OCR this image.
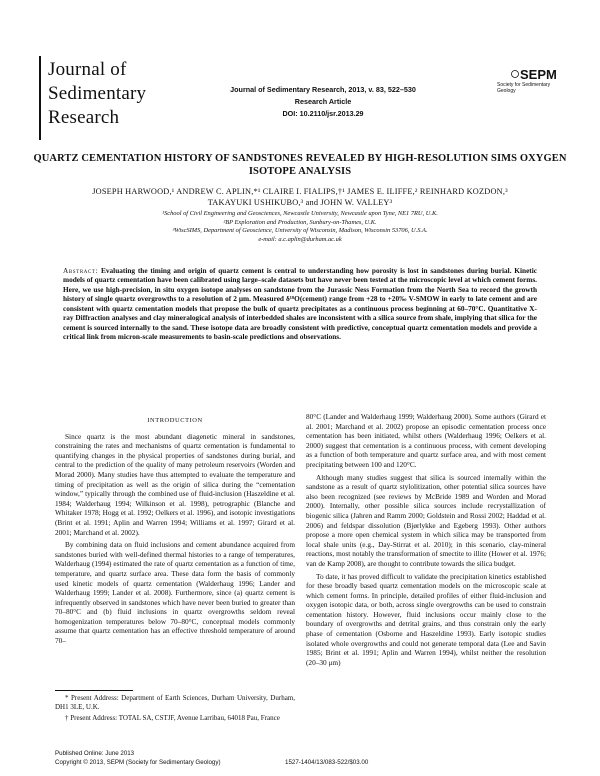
Journal of
Sedimentary
Research
Journal of Sedimentary Research, 2013, v. 83, 522–530
Research Article
DOI: 10.2110/jsr.2013.29
SEPM
Society for Sedimentary Geology
QUARTZ CEMENTATION HISTORY OF SANDSTONES REVEALED BY HIGH-RESOLUTION SIMS OXYGEN ISOTOPE ANALYSIS
JOSEPH HARWOOD,¹ ANDREW C. APLIN,*¹ CLAIRE I. FIALIPS,†¹ JAMES E. ILIFFE,² REINHARD KOZDON,³
TAKAYUKI USHIKUBO,³ and JOHN W. VALLEY³
¹School of Civil Engineering and Geosciences, Newcastle University, Newcastle upon Tyne, NE1 7RU, U.K.
²BP Exploration and Production, Sunbury-on-Thames, U.K.
³WiscSIMS, Department of Geoscience, University of Wisconsin, Madison, Wisconsin 53706, U.S.A.
e-mail: a.c.aplin@durham.ac.uk
Abstract: Evaluating the timing and origin of quartz cement is central to understanding how porosity is lost in sandstones during burial. Kinetic models of quartz cementation have been calibrated using large–scale datasets but have never been tested at the microscopic level at which cement forms. Here, we use high-precision, in situ oxygen isotope analyses on sandstone from the Jurassic Ness Formation from the North Sea to record the growth history of single quartz overgrowths to a resolution of 2 μm. Measured δ¹⁸O(cement) range from +28 to +20‰ V-SMOW in early to late cement and are consistent with quartz cementation models that propose the bulk of quartz precipitates as a continuous process beginning at 60–70°C. Quantitative X-ray Diffraction analyses and clay mineralogical analysis of interbedded shales are inconsistent with a silica source from shale, implying that silica for the cement is sourced internally to the sand. These isotope data are broadly consistent with predictive, conceptual quartz cementation models and provide a critical link from micron-scale measurements to basin-scale predictions and observations.

INTRODUCTION

Since quartz is the most abundant diagenetic mineral in sandstones, constraining the rates and mechanisms of quartz cementation is fundamental to quantifying changes in the physical properties of sandstones during burial, and central to the prediction of the quality of many petroleum reservoirs (Worden and Morad 2000). Many studies have thus attempted to evaluate the temperature and timing of precipitation as well as the origin of silica during the “cementation window,” typically through the combined use of fluid-inclusion (Haszeldine et al. 1984; Walderhaug 1994; Wilkinson et al. 1998), petrographic (Blanche and Whitaker 1978; Hogg et al. 1992; Oelkers et al. 1996), and isotopic investigations (Brint et al. 1991; Aplin and Warren 1994; Williams et al. 1997; Girard et al. 2001; Marchand et al. 2002).

By combining data on fluid inclusions and cement abundance acquired from sandstones buried with well-defined thermal histories to a range of temperatures, Walderhaug (1994) estimated the rate of quartz cementation as a function of time, temperature, and quartz surface area. These data form the basis of commonly used kinetic models of quartz cementation (Walderhaug 1996; Lander and Walderhaug 1999; Lander et al. 2008). Furthermore, since (a) quartz cement is infrequently observed in sandstones which have never been buried to greater than 70–80°C and (b) fluid inclusions in quartz overgrowths seldom reveal homogenization temperatures below 70–80°C, conceptual models commonly assume that quartz cementation has an effective threshold temperature of around 70–

80°C (Lander and Walderhaug 1999; Walderhaug 2000). Some authors (Girard et al. 2001; Marchand et al. 2002) propose an episodic cementation process once cementation has been initiated, whilst others (Walderhaug 1996; Oelkers et al. 2000) suggest that cementation is a continuous process, with cement developing as a function of both temperature and quartz surface area, and with most cement precipitating between 100 and 120°C.

Although many studies suggest that silica is sourced internally within the sandstone as a result of quartz stylolitization, other potential silica sources have also been recognized (see reviews by McBride 1989 and Worden and Morad 2000). Internally, other possible silica sources include recrystallization of biogenic silica (Jahren and Ramm 2000; Goldstein and Rossi 2002; Haddad et al. 2006) and feldspar dissolution (Bjørlykke and Egeberg 1993). Other authors propose a more open chemical system in which silica may be transported from local shale units (e.g., Day-Stirrat et al. 2010); in this scenario, clay-mineral reactions, most notably the transformation of smectite to illite (Hower et al. 1976; van de Kamp 2008), are thought to contribute towards the silica budget.

To date, it has proved difficult to validate the precipitation kinetics established for these broadly based quartz cementation models on the microscopic scale at which cement forms. In principle, detailed profiles of either fluid-inclusion and oxygen isotopic data, or both, across single overgrowths can be used to constrain cementation history. However, fluid inclusions occur mainly close to the boundary of overgrowths and detrital grains, and thus constrain only the early phase of cementation (Osborne and Haszeldine 1993). Early isotopic studies isolated whole overgrowths and could not generate temporal data (Lee and Savin 1985; Brint et al. 1991; Aplin and Warren 1994), whilst neither the resolution (20–30 μm)

* Present Address: Department of Earth Sciences, Durham University, Durham, DH1 3LE, U.K.
† Present Address: TOTAL SA, CSTJF, Avenue Larribau, 64018 Pau, France
Published Online: June 2013
Copyright © 2013, SEPM (Society for Sedimentary Geology)	1527-1404/13/083-522/$03.00
